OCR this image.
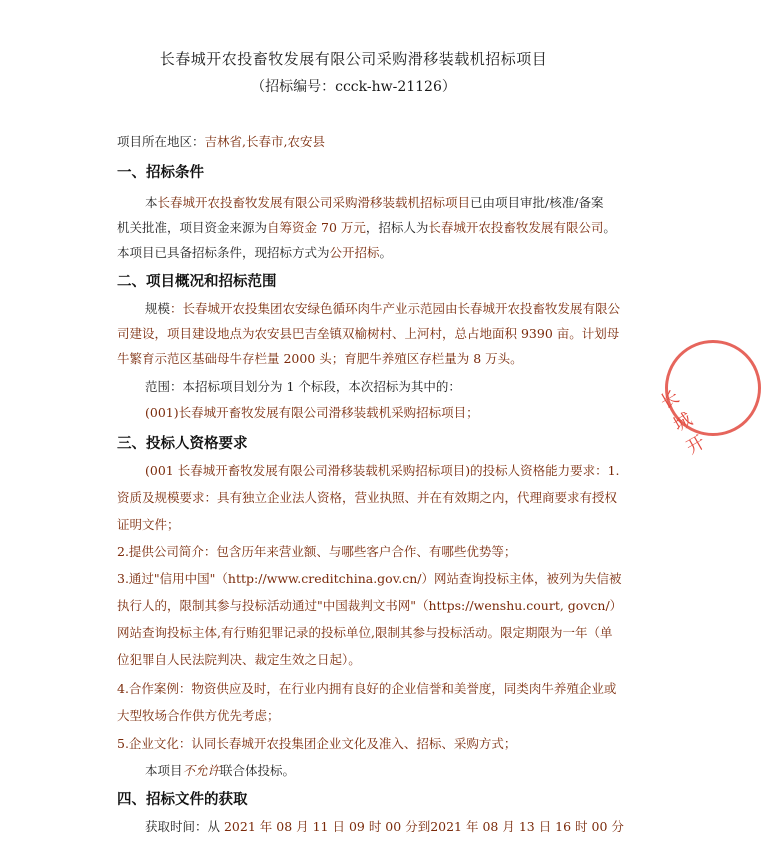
长春城开农投畜牧发展有限公司采购滑移装载机招标项目
（招标编号：ccck-hw-21126）
项目所在地区：吉林省,长春市,农安县
一、招标条件
本长春城开农投畜牧发展有限公司采购滑移装载机招标项目已由项目审批/核准/备案
机关批准，项目资金来源为自筹资金 70 万元，招标人为长春城开农投畜牧发展有限公司。
本项目已具备招标条件，现招标方式为公开招标。
二、项目概况和招标范围
规模：长春城开农投集团农安绿色循环肉牛产业示范园由长春城开农投畜牧发展有限公
司建设，项目建设地点为农安县巴吉垒镇双榆树村、上河村，总占地面积 9390 亩。计划母
牛繁育示范区基础母牛存栏量 2000 头；育肥牛养殖区存栏量为 8 万头。
范围：本招标项目划分为 1 个标段，本次招标为其中的：
(001)长春城开畜牧发展有限公司滑移装载机采购招标项目；
三、投标人资格要求
(001 长春城开畜牧发展有限公司滑移装载机采购招标项目)的投标人资格能力要求：1.
资质及规模要求：具有独立企业法人资格，营业执照、并在有效期之内，代理商要求有授权
证明文件；
2.提供公司简介：包含历年来营业额、与哪些客户合作、有哪些优势等；
3.通过"信用中国"（http://www.creditchina.gov.cn/）网站查询投标主体，被列为失信被
执行人的，限制其参与投标活动通过"中国裁判文书网"（https://wenshu.court, govcn/）
网站查询投标主体,有行贿犯罪记录的投标单位,限制其参与投标活动。限定期限为一年（单
位犯罪自人民法院判决、裁定生效之日起）。
4.合作案例：物资供应及时，在行业内拥有良好的企业信誉和美誉度，同类肉牛养殖企业或
大型牧场合作供方优先考虑；
5.企业文化：认同长春城开农投集团企业文化及准入、招标、采购方式；
本项目不允许联合体投标。
四、招标文件的获取
获取时间：从 2021 年 08 月 11 日 09 时 00 分到2021 年 08 月 13 日 16 时 00 分
长城开
